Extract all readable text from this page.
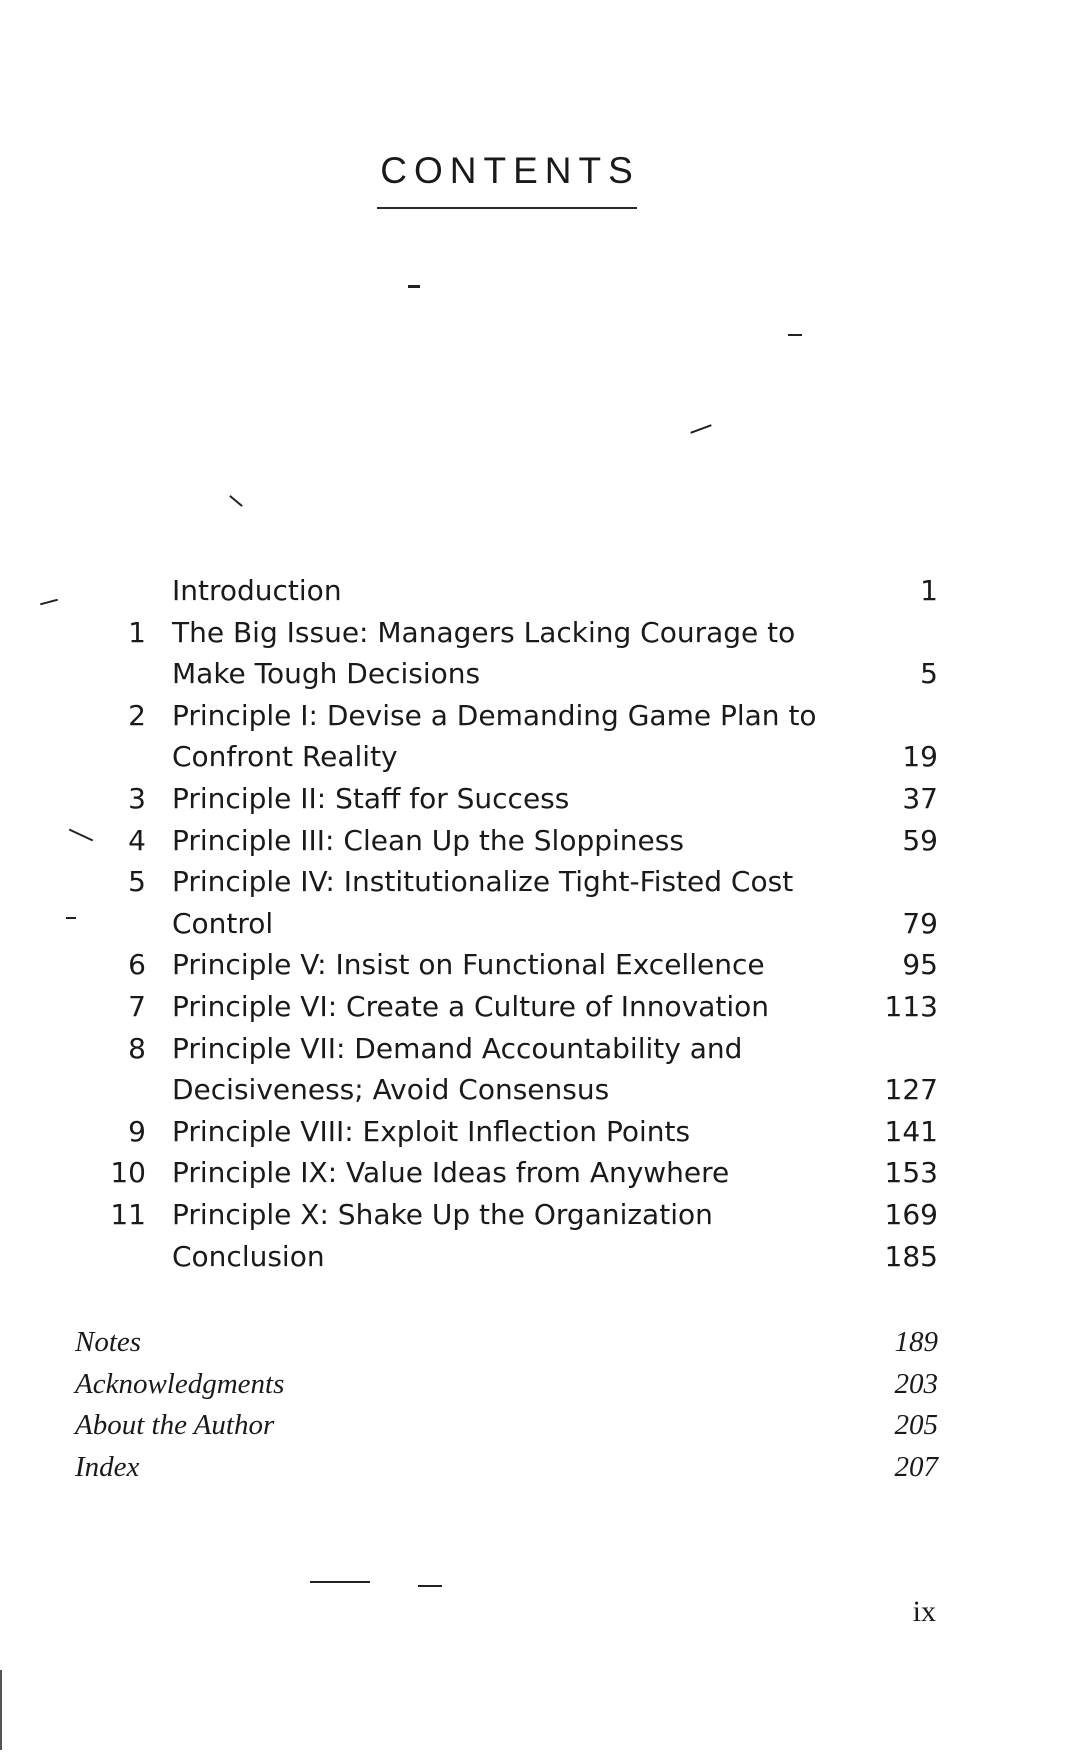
CONTENTS
Introduction	1
1 The Big Issue: Managers Lacking Courage to
Make Tough Decisions	5
2 Principle I: Devise a Demanding Game Plan to
Confront Reality	19
3 Principle II: Staff for Success	37
4 Principle III: Clean Up the Sloppiness	59
5 Principle IV: Institutionalize Tight-Fisted Cost
Control	79
6 Principle V: Insist on Functional Excellence	95
7 Principle VI: Create a Culture of Innovation	113
8 Principle VII: Demand Accountability and
Decisiveness; Avoid Consensus	127
9 Principle VIII: Exploit Inflection Points	141
10 Principle IX: Value Ideas from Anywhere	153
11 Principle X: Shake Up the Organization	169
Conclusion	185
Notes	189
Acknowledgments	203
About the Author	205
Index	207
ix
